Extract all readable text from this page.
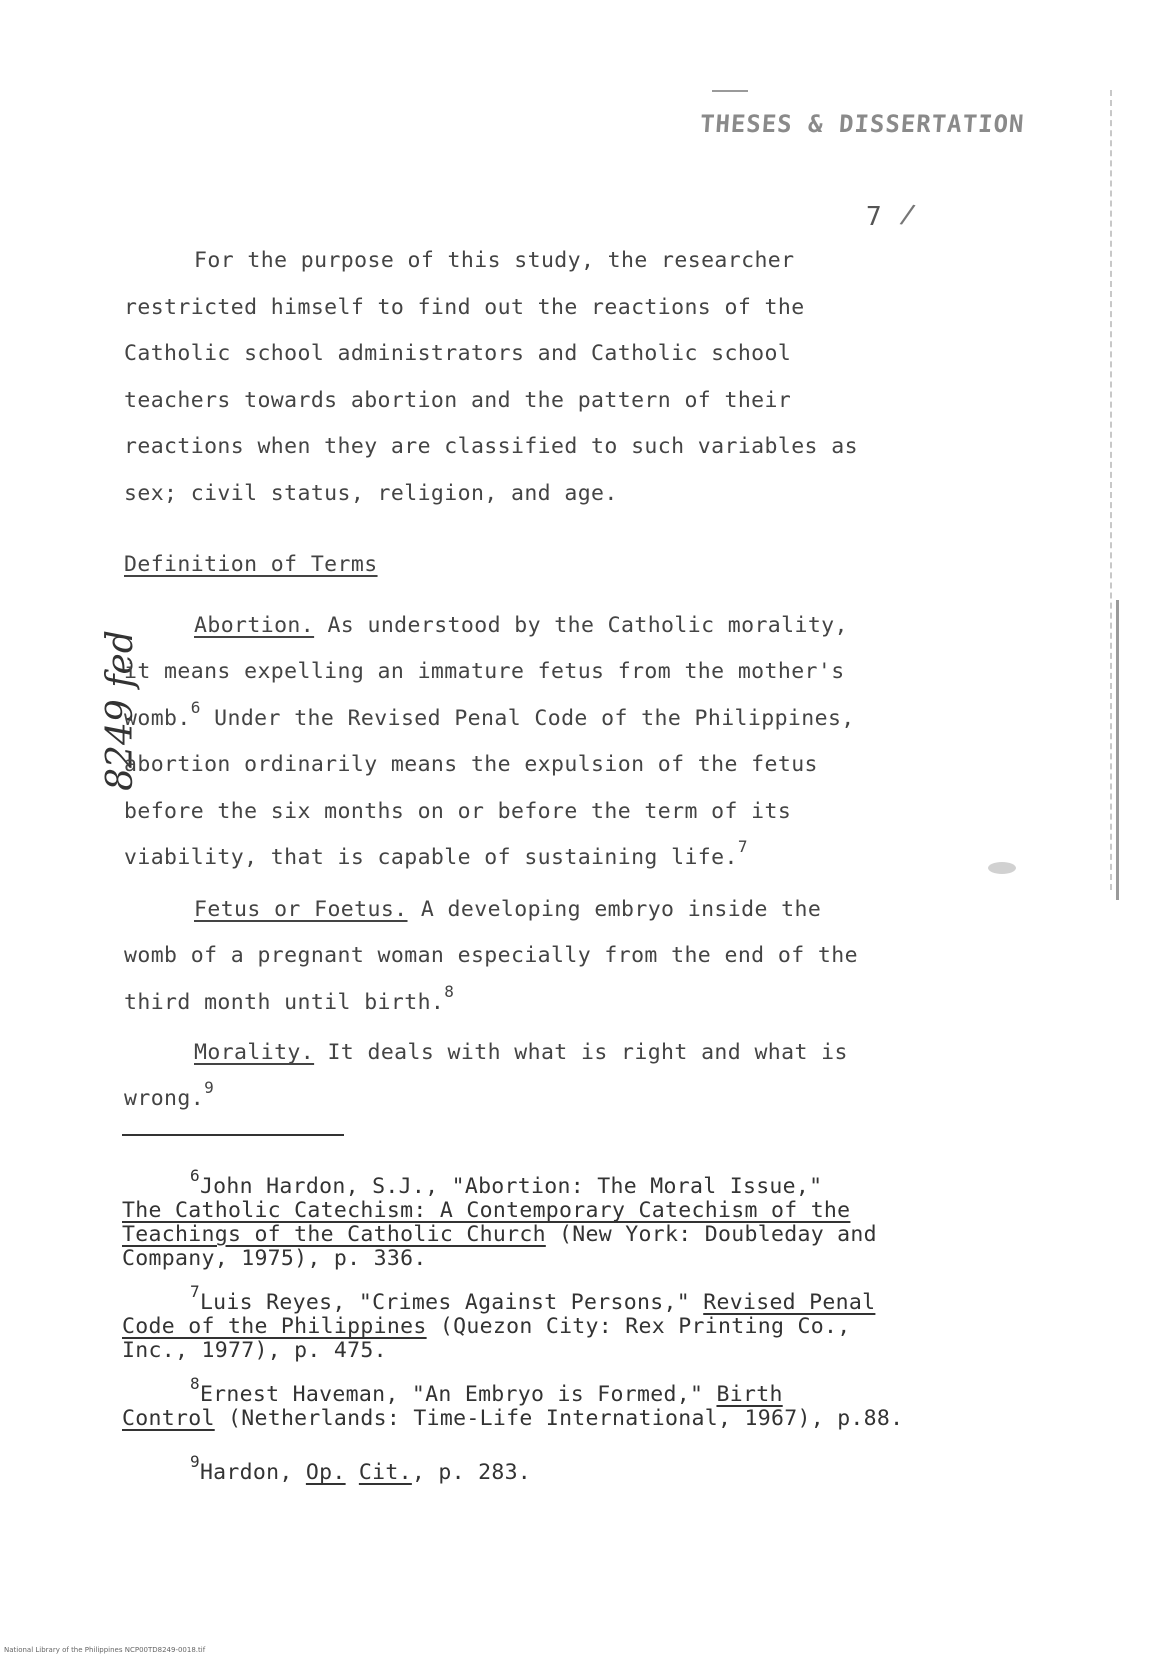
THESES & DISSERTATION
7 /
8249 fed
For the purpose of this study, the researcher
restricted himself to find out the reactions of the
Catholic school administrators and Catholic school
teachers towards abortion and the pattern of their
reactions when they are classified to such variables as
sex; civil status, religion, and age.
Definition of Terms
Abortion. As understood by the Catholic morality,
it means expelling an immature fetus from the mother's
womb.$^6$ Under the Revised Penal Code of the Philippines,
abortion ordinarily means the expulsion of the fetus
before the six months on or before the term of its
viability, that is capable of sustaining life.$^7$
Fetus or Foetus. A developing embryo inside the
womb of a pregnant woman especially from the end of the
third month until birth.$^8$
Morality. It deals with what is right and what is
wrong.$^9$
$^6$John Hardon, S.J., "Abortion: The Moral Issue,"
The Catholic Catechism: A Contemporary Catechism of the
Teachings of the Catholic Church (New York: Doubleday and
Company, 1975), p. 336.
$^7$Luis Reyes, "Crimes Against Persons," Revised Penal
Code of the Philippines (Quezon City: Rex Printing Co.,
Inc., 1977), p. 475.
$^8$Ernest Haveman, "An Embryo is Formed," Birth
Control (Netherlands: Time-Life International, 1967), p.88.
$^9$Hardon, Op. Cit., p. 283.
National Library of the Philippines NCP00TD8249-0018.tif
